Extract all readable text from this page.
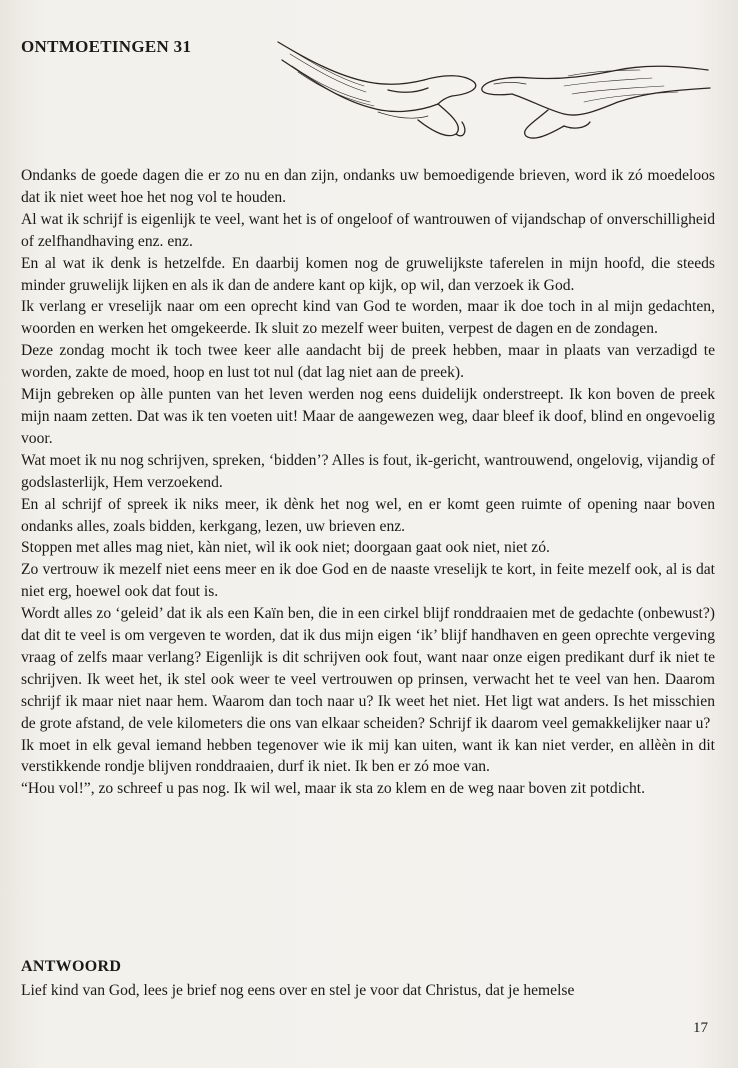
ONTMOETINGEN 31

Ondanks de goede dagen die er zo nu en dan zijn, ondanks uw bemoedigende brieven, word ik zó moedeloos dat ik niet weet hoe het nog vol te houden.

Al wat ik schrijf is eigenlijk te veel, want het is of ongeloof of wantrouwen of vijandschap of onverschilligheid of zelfhandhaving enz. enz.

En al wat ik denk is hetzelfde. En daarbij komen nog de gruwelijkste taferelen in mijn hoofd, die steeds minder gruwelijk lijken en als ik dan de andere kant op kijk, op wil, dan verzoek ik God.

Ik verlang er vreselijk naar om een oprecht kind van God te worden, maar ik doe toch in al mijn gedachten, woorden en werken het omgekeerde. Ik sluit zo mezelf weer buiten, verpest de dagen en de zondagen.

Deze zondag mocht ik toch twee keer alle aandacht bij de preek hebben, maar in plaats van verzadigd te worden, zakte de moed, hoop en lust tot nul (dat lag niet aan de preek).

Mijn gebreken op àlle punten van het leven werden nog eens duidelijk onderstreept. Ik kon boven de preek mijn naam zetten. Dat was ik ten voeten uit! Maar de aangewezen weg, daar bleef ik doof, blind en ongevoelig voor.

Wat moet ik nu nog schrijven, spreken, ‘bidden’? Alles is fout, ik-gericht, wantrouwend, ongelovig, vijandig of godslasterlijk, Hem verzoekend.

En al schrijf of spreek ik niks meer, ik dènk het nog wel, en er komt geen ruimte of opening naar boven ondanks alles, zoals bidden, kerkgang, lezen, uw brieven enz.

Stoppen met alles mag niet, kàn niet, wìl ik ook niet; doorgaan gaat ook niet, niet zó.

Zo vertrouw ik mezelf niet eens meer en ik doe God en de naaste vreselijk te kort, in feite mezelf ook, al is dat niet erg, hoewel ook dat fout is.

Wordt alles zo ‘geleid’ dat ik als een Kaïn ben, die in een cirkel blijf ronddraaien met de gedachte (onbewust?) dat dit te veel is om vergeven te worden, dat ik dus mijn eigen ‘ik’ blijf handhaven en geen oprechte vergeving vraag of zelfs maar verlang? Eigenlijk is dit schrijven ook fout, want naar onze eigen predikant durf ik niet te schrijven. Ik weet het, ik stel ook weer te veel vertrouwen op prinsen, verwacht het te veel van hen. Daarom schrijf ik maar niet naar hem. Waarom dan toch naar u? Ik weet het niet. Het ligt wat anders. Is het misschien de grote afstand, de vele kilometers die ons van elkaar scheiden? Schrijf ik daarom veel gemakkelijker naar u?

Ik moet in elk geval iemand hebben tegenover wie ik mij kan uiten, want ik kan niet verder, en allèèn in dit verstikkende rondje blijven ronddraaien, durf ik niet. Ik ben er zó moe van.

“Hou vol!”, zo schreef u pas nog. Ik wil wel, maar ik sta zo klem en de weg naar boven zit potdicht.

ANTWOORD

Lief kind van God, lees je brief nog eens over en stel je voor dat Christus, dat je hemelse

17
